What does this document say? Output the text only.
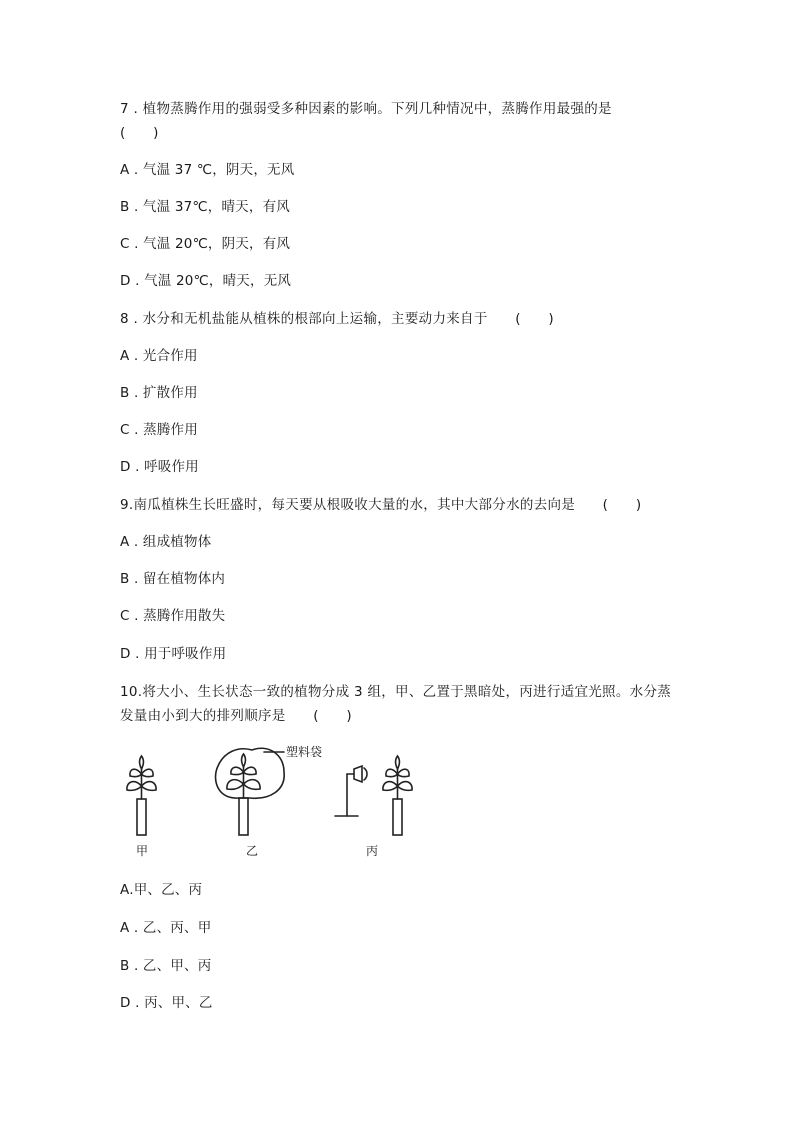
7 . 植物蒸腾作用的强弱受多种因素的影响。下列几种情况中，蒸腾作用最强的是
(　　)
A . 气温 37 ℃，阴天，无风
B . 气温 37℃，晴天，有风
C . 气温 20℃，阴天，有风
D . 气温 20℃，晴天，无风
8 . 水分和无机盐能从植株的根部向上运输，主要动力来自于　　(　　)
A . 光合作用
B . 扩散作用
C . 蒸腾作用
D . 呼吸作用
9.南瓜植株生长旺盛时，每天要从根吸收大量的水，其中大部分水的去向是　　(　　)
A . 组成植物体
B . 留在植物体内
C . 蒸腾作用散失
D . 用于呼吸作用
10.将大小、生长状态一致的植物分成 3 组，甲、乙置于黑暗处，丙进行适宜光照。水分蒸
发量由小到大的排列顺序是　　(　　)
塑料袋
甲	乙	丙
A.甲、乙、丙
A . 乙、丙、甲
B . 乙、甲、丙
D . 丙、甲、乙
